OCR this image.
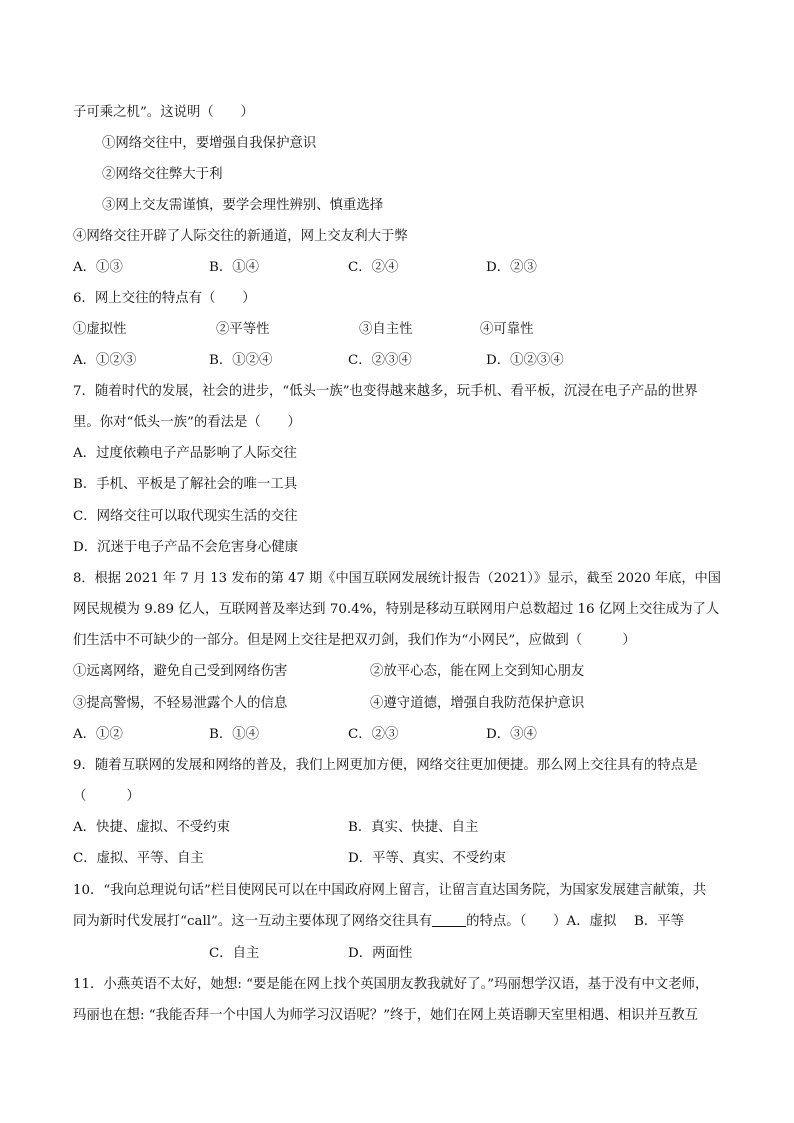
子可乘之机”。这说明（　　）
①网络交往中，要增强自我保护意识
②网络交往弊大于利
③网上交友需谨慎，要学会理性辨别、慎重选择
④网络交往开辟了人际交往的新通道，网上交友利大于弊
A．①③	B．①④	C．②④	D．②③
6．网上交往的特点有（　　）
①虚拟性	②平等性	③自主性	④可靠性
A．①②③	B．①②④	C．②③④	D．①②③④
7．随着时代的发展，社会的进步，“低头一族”也变得越来越多，玩手机、看平板，沉浸在电子产品的世界
里。你对“低头一族”的看法是（　　）
A．过度依赖电子产品影响了人际交往
B．手机、平板是了解社会的唯一工具
C．网络交往可以取代现实生活的交往
D．沉迷于电子产品不会危害身心健康
8．根据 2021 年 7 月 13 发布的第 47 期《中国互联网发展统计报告（2021）》显示，截至 2020 年底，中国
网民规模为 9.89 亿人，互联网普及率达到 70.4%，特别是移动互联网用户总数超过 16 亿网上交往成为了人
们生活中不可缺少的一部分。但是网上交往是把双刃剑，我们作为“小网民”，应做到（　　　）
①远离网络，避免自己受到网络伤害	②放平心态，能在网上交到知心朋友
③提高警惕，不轻易泄露个人的信息	④遵守道德，增强自我防范保护意识
A．①②	B．①④	C．②③	D．③④
9．随着互联网的发展和网络的普及，我们上网更加方便，网络交往更加便捷。那么网上交往具有的特点是
（　　　）
A．快捷、虚拟、不受约束	B．真实、快捷、自主
C．虚拟、平等、自主	D．平等、真实、不受约束
10．“我向总理说句话”栏目使网民可以在中国政府网上留言，让留言直达国务院，为国家发展建言献策，共
同为新时代发展打“call”。这一互动主要体现了网络交往具有	的特点。（　　）A．虚拟　 B．平等
C．自主	D．两面性
11．小燕英语不太好，她想: “要是能在网上找个英国朋友教我就好了。”玛丽想学汉语，基于没有中文老师，
玛丽也在想: “我能否拜一个中国人为师学习汉语呢？”终于，她们在网上英语聊天室里相遇、相识并互教互
